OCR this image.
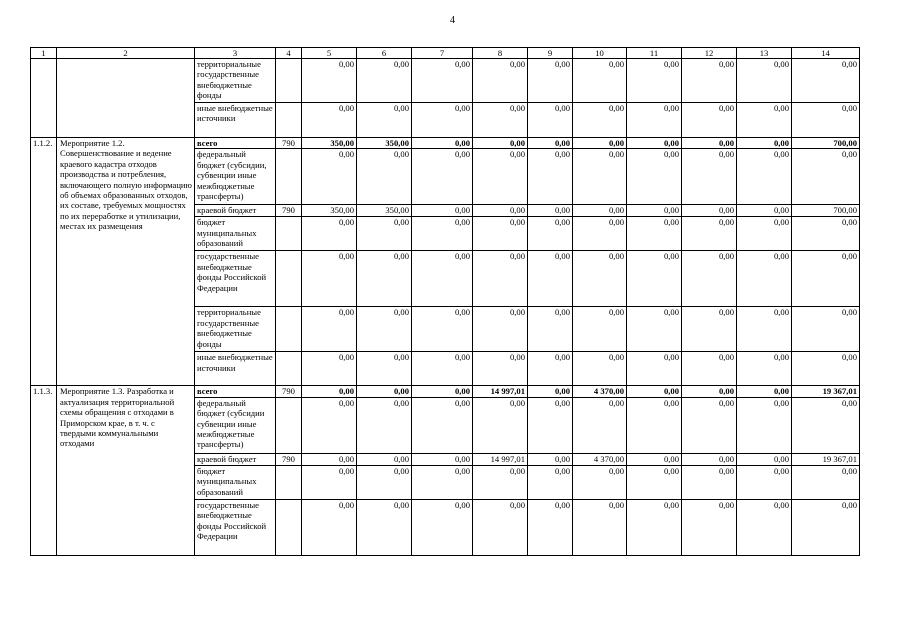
4
1	2	3	4	5	6	7	8	9	10	11	12	13	14
		территориальные государственные внебюджетные фонды		0,00	0,00	0,00	0,00	0,00	0,00	0,00	0,00	0,00	0,00
		иные внебюджетные источники		0,00	0,00	0,00	0,00	0,00	0,00	0,00	0,00	0,00	0,00
1.1.2.	Мероприятие 1.2. Совершенствование и ведение краевого кадастра отходов производства и потребления, включающего полную информацию об объемах образованных отходов, их составе, требуемых мощностях по их переработке и утилизации, местах их размещения	всего	790	350,00	350,00	0,00	0,00	0,00	0,00	0,00	0,00	0,00	700,00
		федеральный бюджет (субсидии, субвенции иные межбюджетные трансферты)		0,00	0,00	0,00	0,00	0,00	0,00	0,00	0,00	0,00	0,00
		краевой бюджет	790	350,00	350,00	0,00	0,00	0,00	0,00	0,00	0,00	0,00	700,00
		бюджет муниципальных образований		0,00	0,00	0,00	0,00	0,00	0,00	0,00	0,00	0,00	0,00
		государственные внебюджетные фонды Российской Федерации		0,00	0,00	0,00	0,00	0,00	0,00	0,00	0,00	0,00	0,00
		территориальные государственные внебюджетные фонды		0,00	0,00	0,00	0,00	0,00	0,00	0,00	0,00	0,00	0,00
		иные внебюджетные источники		0,00	0,00	0,00	0,00	0,00	0,00	0,00	0,00	0,00	0,00
1.1.3.	Мероприятие 1.3. Разработка и актуализация территориальной схемы обращения с отходами в Приморском крае, в т. ч. с твердыми коммунальными отходами	всего	790	0,00	0,00	0,00	14 997,01	0,00	4 370,00	0,00	0,00	0,00	19 367,01
		федеральный бюджет (субсидии субвенции иные межбюджетные трансферты)		0,00	0,00	0,00	0,00	0,00	0,00	0,00	0,00	0,00	0,00
		краевой бюджет	790	0,00	0,00	0,00	14 997,01	0,00	4 370,00	0,00	0,00	0,00	19 367,01
		бюджет муниципальных образований		0,00	0,00	0,00	0,00	0,00	0,00	0,00	0,00	0,00	0,00
		государственные внебюджетные фонды Российской Федерации		0,00	0,00	0,00	0,00	0,00	0,00	0,00	0,00	0,00	0,00
